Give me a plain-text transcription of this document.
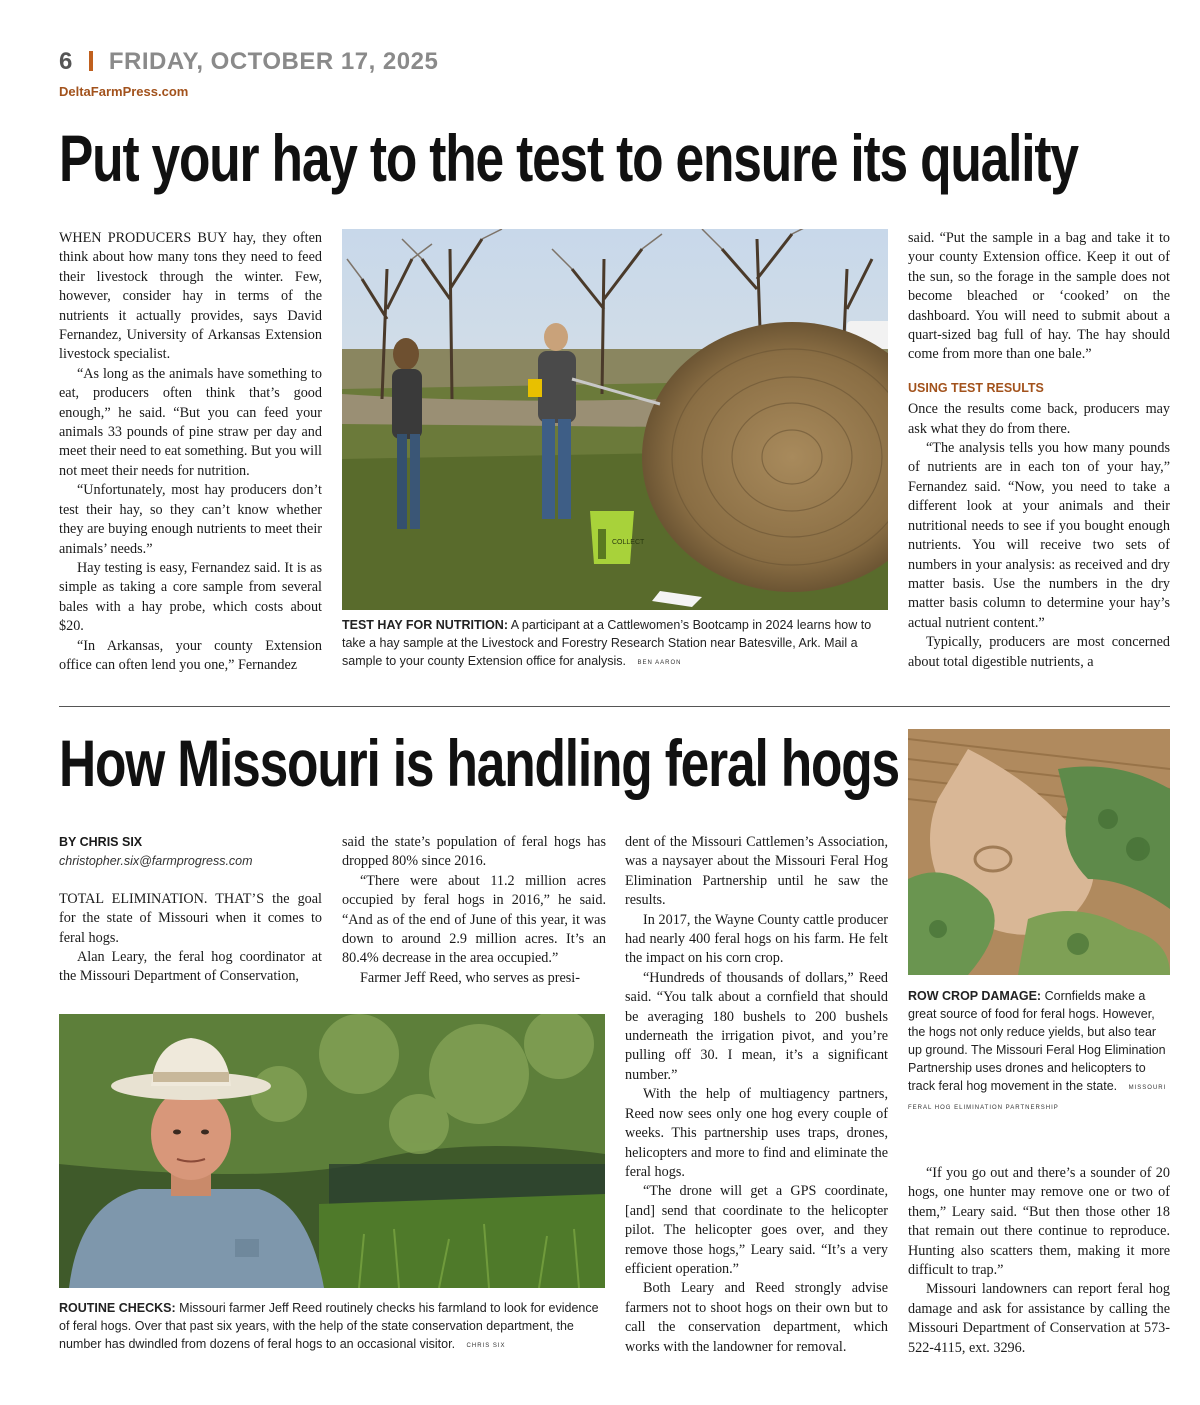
6 FRIDAY, OCTOBER 17, 2025
DeltaFarmPress.com
Put your hay to the test to ensure its quality

WHEN PRODUCERS BUY hay, they often think about how many tons they need to feed their livestock through the winter. Few, however, consider hay in terms of the nutrients it actually provides, says David Fernandez, University of Arkansas Extension livestock specialist.

“As long as the animals have something to eat, producers often think that’s good enough,” he said. “But you can feed your animals 33 pounds of pine straw per day and meet their need to eat something. But you will not meet their needs for nutrition.

“Unfortunately, most hay producers don’t test their hay, so they can’t know whether they are buying enough nutrients to meet their animals’ needs.”

Hay testing is easy, Fernandez said. It is as simple as taking a core sample from several bales with a hay probe, which costs about $20.

“In Arkansas, your county Extension office can often lend you one,” Fernandez

COLLECT
TEST HAY FOR NUTRITION: A participant at a Cattlewomen’s Bootcamp in 2024 learns how to take a hay sample at the Livestock and Forestry Research Station near Batesville, Ark. Mail a sample to your county Extension office for analysis. BEN AARON

said. “Put the sample in a bag and take it to your county Extension office. Keep it out of the sun, so the forage in the sample does not become bleached or ‘cooked’ on the dashboard. You will need to submit about a quart-sized bag full of hay. The hay should come from more than one bale.”

USING TEST RESULTS

Once the results come back, producers may ask what they do from there.

“The analysis tells you how many pounds of nutrients are in each ton of your hay,” Fernandez said. “Now, you need to take a different look at your animals and their nutritional needs to see if you bought enough nutrients. You will receive two sets of numbers in your analysis: as received and dry matter basis. Use the numbers in the dry matter basis column to determine your hay’s actual nutrient content.”

Typically, producers are most concerned about total digestible nutrients, a

How Missouri is handling feral hogs
BY CHRIS SIX
christopher.six@farmprogress.com

TOTAL ELIMINATION. THAT’S the goal for the state of Missouri when it comes to feral hogs.

Alan Leary, the feral hog coordinator at the Missouri Department of Conservation,

said the state’s population of feral hogs has dropped 80% since 2016.

“There were about 11.2 million acres occupied by feral hogs in 2016,” he said. “And as of the end of June of this year, it was down to around 2.9 million acres. It’s an 80.4% decrease in the area occupied.”

Farmer Jeff Reed, who serves as presi-

dent of the Missouri Cattlemen’s Association, was a naysayer about the Missouri Feral Hog Elimination Partnership until he saw the results.

In 2017, the Wayne County cattle producer had nearly 400 feral hogs on his farm. He felt the impact on his corn crop.

“Hundreds of thousands of dollars,” Reed said. “You talk about a cornfield that should be averaging 180 bushels to 200 bushels underneath the irrigation pivot, and you’re pulling off 30. I mean, it’s a significant number.”

With the help of multiagency partners, Reed now sees only one hog every couple of weeks. This partnership uses traps, drones, helicopters and more to find and eliminate the feral hogs.

“The drone will get a GPS coordinate, [and] send that coordinate to the helicopter pilot. The helicopter goes over, and they remove those hogs,” Leary said. “It’s a very efficient operation.”

Both Leary and Reed strongly advise farmers not to shoot hogs on their own but to call the conservation department, which works with the landowner for removal.

ROW CROP DAMAGE: Cornfields make a great source of food for feral hogs. However, the hogs not only reduce yields, but also tear up ground. The Missouri Feral Hog Elimination Partnership uses drones and helicopters to track feral hog movement in the state. MISSOURI FERAL HOG ELIMINATION PARTNERSHIP

“If you go out and there’s a sounder of 20 hogs, one hunter may remove one or two of them,” Leary said. “But then those other 18 that remain out there continue to reproduce. Hunting also scatters them, making it more difficult to trap.”

Missouri landowners can report feral hog damage and ask for assistance by calling the Missouri Department of Conservation at 573-522-4115, ext. 3296.

ROUTINE CHECKS: Missouri farmer Jeff Reed routinely checks his farmland to look for evidence of feral hogs. Over that past six years, with the help of the state conservation department, the number has dwindled from dozens of feral hogs to an occasional visitor. CHRIS SIX
